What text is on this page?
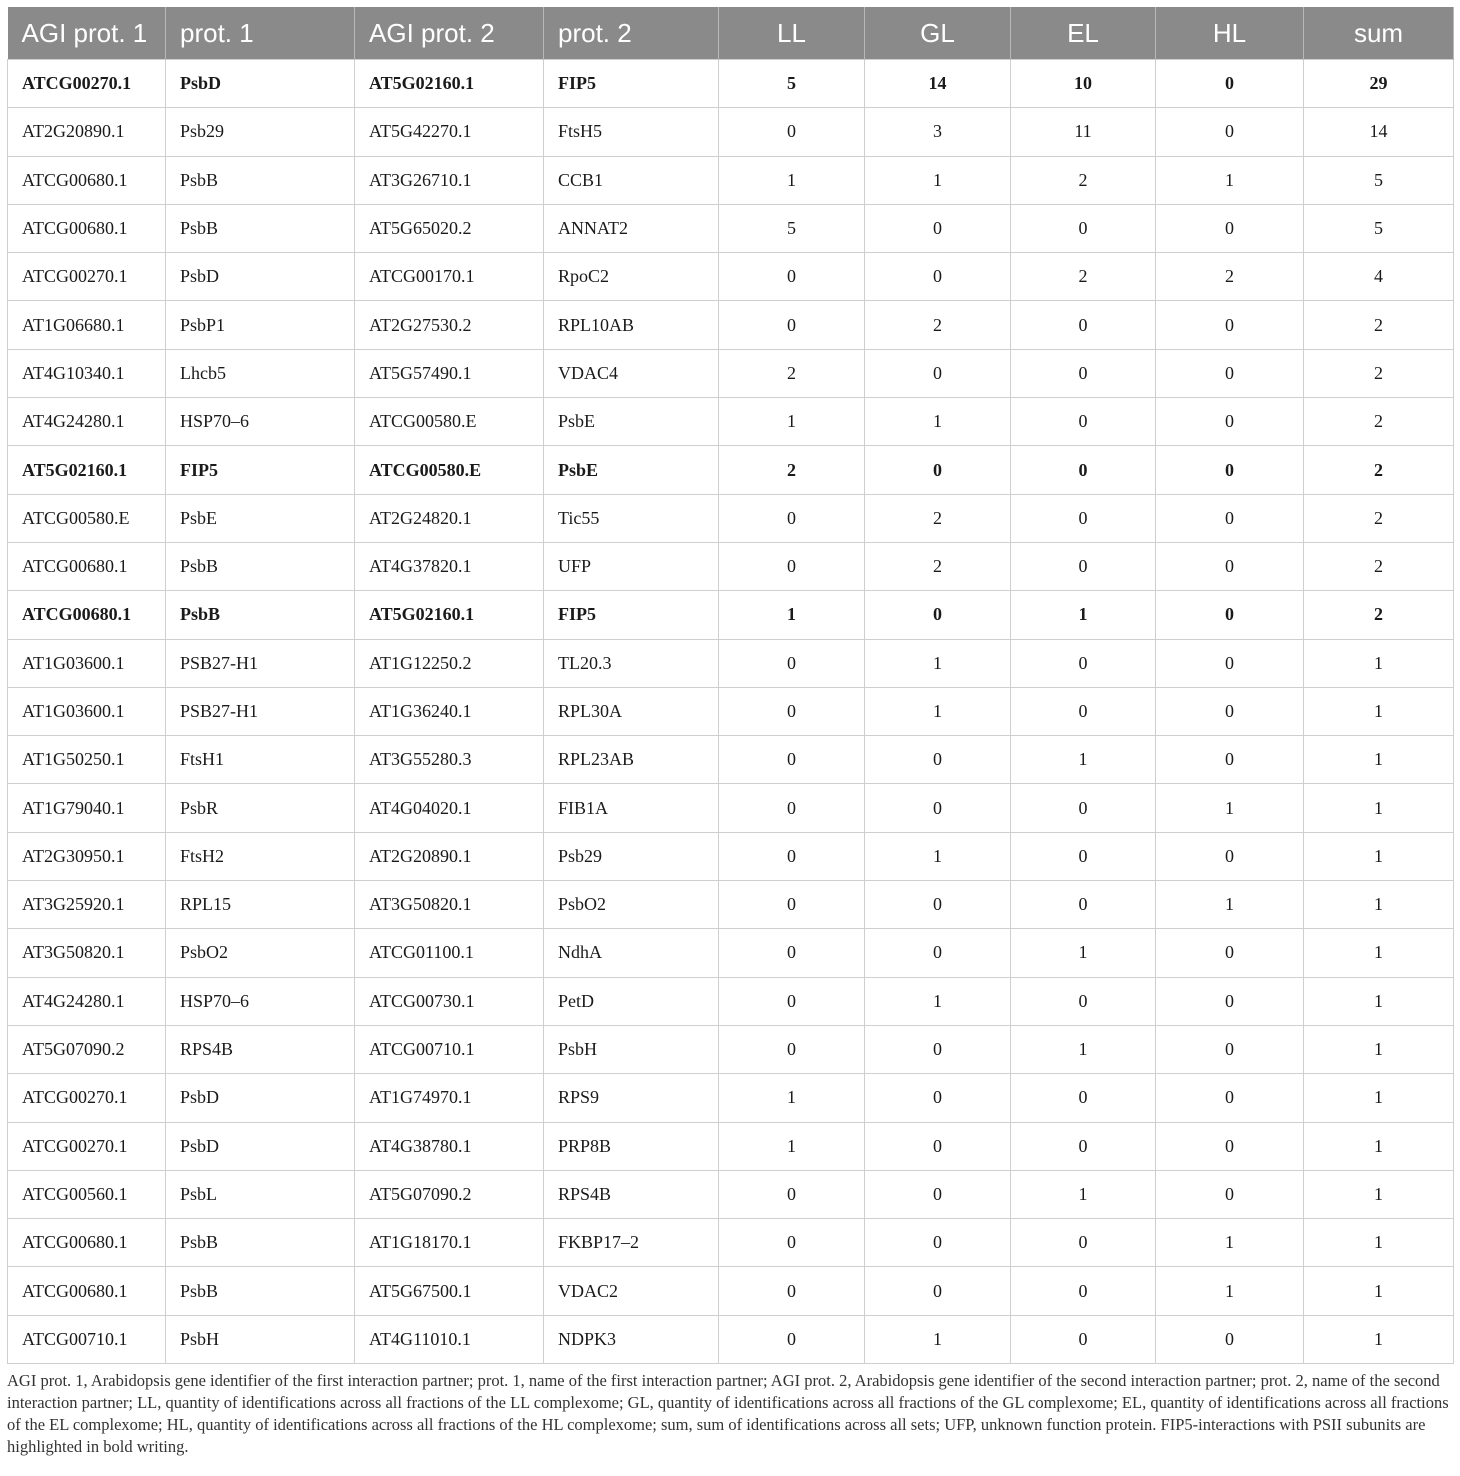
AGI prot. 1	prot. 1	AGI prot. 2	prot. 2	LL	GL	EL	HL	sum
ATCG00270.1	PsbD	AT5G02160.1	FIP5	5	14	10	0	29
AT2G20890.1	Psb29	AT5G42270.1	FtsH5	0	3	11	0	14
ATCG00680.1	PsbB	AT3G26710.1	CCB1	1	1	2	1	5
ATCG00680.1	PsbB	AT5G65020.2	ANNAT2	5	0	0	0	5
ATCG00270.1	PsbD	ATCG00170.1	RpoC2	0	0	2	2	4
AT1G06680.1	PsbP1	AT2G27530.2	RPL10AB	0	2	0	0	2
AT4G10340.1	Lhcb5	AT5G57490.1	VDAC4	2	0	0	0	2
AT4G24280.1	HSP70–6	ATCG00580.E	PsbE	1	1	0	0	2
AT5G02160.1	FIP5	ATCG00580.E	PsbE	2	0	0	0	2
ATCG00580.E	PsbE	AT2G24820.1	Tic55	0	2	0	0	2
ATCG00680.1	PsbB	AT4G37820.1	UFP	0	2	0	0	2
ATCG00680.1	PsbB	AT5G02160.1	FIP5	1	0	1	0	2
AT1G03600.1	PSB27-H1	AT1G12250.2	TL20.3	0	1	0	0	1
AT1G03600.1	PSB27-H1	AT1G36240.1	RPL30A	0	1	0	0	1
AT1G50250.1	FtsH1	AT3G55280.3	RPL23AB	0	0	1	0	1
AT1G79040.1	PsbR	AT4G04020.1	FIB1A	0	0	0	1	1
AT2G30950.1	FtsH2	AT2G20890.1	Psb29	0	1	0	0	1
AT3G25920.1	RPL15	AT3G50820.1	PsbO2	0	0	0	1	1
AT3G50820.1	PsbO2	ATCG01100.1	NdhA	0	0	1	0	1
AT4G24280.1	HSP70–6	ATCG00730.1	PetD	0	1	0	0	1
AT5G07090.2	RPS4B	ATCG00710.1	PsbH	0	0	1	0	1
ATCG00270.1	PsbD	AT1G74970.1	RPS9	1	0	0	0	1
ATCG00270.1	PsbD	AT4G38780.1	PRP8B	1	0	0	0	1
ATCG00560.1	PsbL	AT5G07090.2	RPS4B	0	0	1	0	1
ATCG00680.1	PsbB	AT1G18170.1	FKBP17–2	0	0	0	1	1
ATCG00680.1	PsbB	AT5G67500.1	VDAC2	0	0	0	1	1
ATCG00710.1	PsbH	AT4G11010.1	NDPK3	0	1	0	0	1
AGI prot. 1, Arabidopsis gene identifier of the first interaction partner; prot. 1, name of the first interaction partner; AGI prot. 2, Arabidopsis gene identifier of the second interaction partner; prot. 2, name of the second interaction partner; LL, quantity of identifications across all fractions of the LL complexome; GL, quantity of identifications across all fractions of the GL complexome; EL, quantity of identifications across all fractions of the EL complexome; HL, quantity of identifications across all fractions of the HL complexome; sum, sum of identifications across all sets; UFP, unknown function protein. FIP5-interactions with PSII subunits are highlighted in bold writing.
